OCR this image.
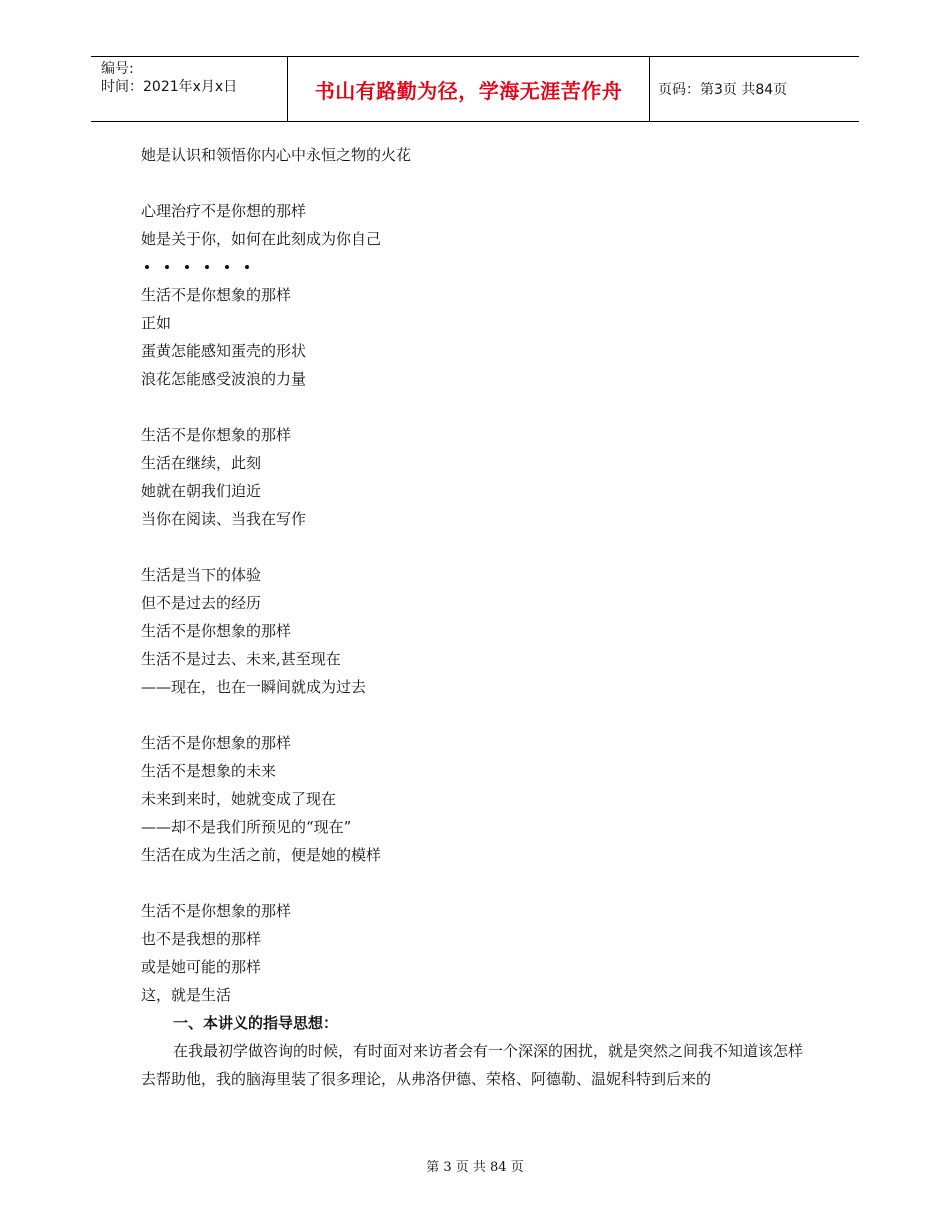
编号:
时间：2021年x月x日	书山有路勤为径，学海无涯苦作舟	页码：第3页 共84页
她是认识和领悟你内心中永恒之物的火花
心理治疗不是你想的那样
她是关于你，如何在此刻成为你自己
生活不是你想象的那样
正如
蛋黄怎能感知蛋壳的形状
浪花怎能感受波浪的力量
生活不是你想象的那样
生活在继续，此刻
她就在朝我们迫近
当你在阅读、当我在写作
生活是当下的体验
但不是过去的经历
生活不是你想象的那样
生活不是过去、未来,甚至现在
——现在，也在一瞬间就成为过去
生活不是你想象的那样
生活不是想象的未来
未来到来时，她就变成了现在
——却不是我们所预见的“现在”
生活在成为生活之前，便是她的模样
生活不是你想象的那样
也不是我想的那样
或是她可能的那样
这，就是生活
一、本讲义的指导思想：
在我最初学做咨询的时候，有时面对来访者会有一个深深的困扰，就是突然之间我不知道该怎样去帮助他，我的脑海里装了很多理论，从弗洛伊德、荣格、阿德勒、温妮科特到后来的
第 3 页 共 84 页
